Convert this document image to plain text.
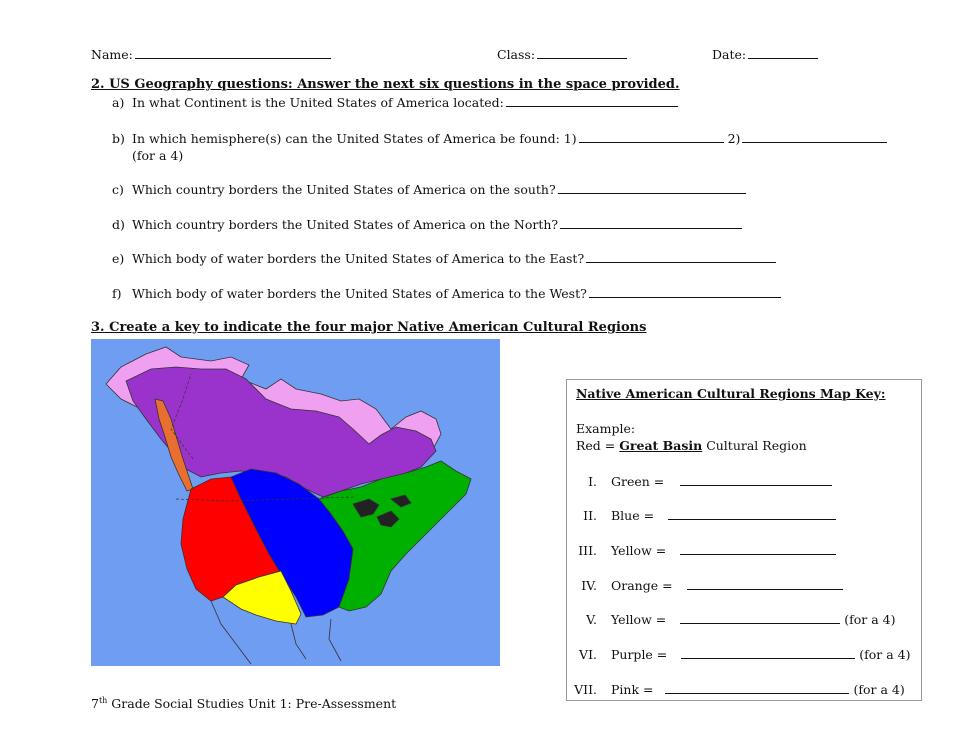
Name:	Class:	Date:
2. US Geography questions: Answer the next six questions in the space provided.
a) In what Continent is the United States of America located:
b) In which hemisphere(s) can the United States of America be found: 1)	2)
(for a 4)
c) Which country borders the United States of America on the south?
d) Which country borders the United States of America on the North?
e) Which body of water borders the United States of America to the East?
f) Which body of water borders the United States of America to the West?
3. Create a key to indicate the four major Native American Cultural Regions
Native American Cultural Regions Map Key:
Example:
Red = Great Basin Cultural Region
I. Green =
II. Blue =
III. Yellow =
IV. Orange =
V. Yellow =	(for a 4)
VI. Purple =	(for a 4)
VII. Pink =	(for a 4)
7th Grade Social Studies Unit 1: Pre-Assessment
